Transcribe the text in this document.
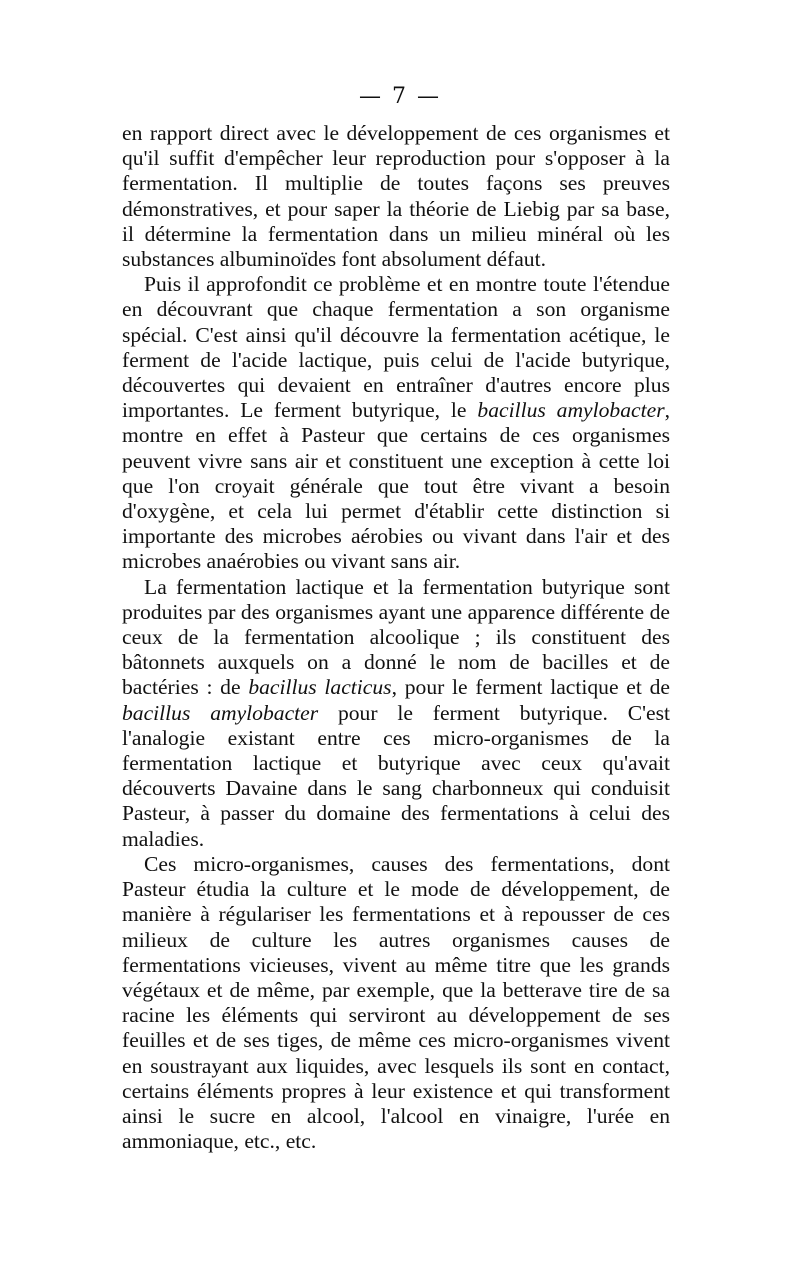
— 7 —

en rapport direct avec le développement de ces organismes et qu'il suffit d'empêcher leur reproduction pour s'opposer à la fermentation. Il multiplie de toutes façons ses preuves démonstratives, et pour saper la théorie de Liebig par sa base, il détermine la fermentation dans un milieu minéral où les substances albuminoïdes font absolument défaut.

Puis il approfondit ce problème et en montre toute l'étendue en découvrant que chaque fermentation a son organisme spécial. C'est ainsi qu'il découvre la fermentation acétique, le ferment de l'acide lactique, puis celui de l'acide butyrique, découvertes qui devaient en entraîner d'autres encore plus importantes. Le ferment butyrique, le bacillus amylobacter, montre en effet à Pasteur que certains de ces organismes peuvent vivre sans air et constituent une exception à cette loi que l'on croyait générale que tout être vivant a besoin d'oxygène, et cela lui permet d'établir cette distinction si importante des microbes aérobies ou vivant dans l'air et des microbes anaérobies ou vivant sans air.

La fermentation lactique et la fermentation butyrique sont produites par des organismes ayant une apparence différente de ceux de la fermentation alcoolique ; ils constituent des bâtonnets auxquels on a donné le nom de bacilles et de bactéries : de bacillus lacticus, pour le ferment lactique et de bacillus amylobacter pour le ferment butyrique. C'est l'analogie existant entre ces micro-organismes de la fermentation lactique et butyrique avec ceux qu'avait découverts Davaine dans le sang charbonneux qui conduisit Pasteur, à passer du domaine des fermentations à celui des maladies.

Ces micro-organismes, causes des fermentations, dont Pasteur étudia la culture et le mode de développement, de manière à régulariser les fermentations et à repousser de ces milieux de culture les autres organismes causes de fermentations vicieuses, vivent au même titre que les grands végétaux et de même, par exemple, que la betterave tire de sa racine les éléments qui serviront au développement de ses feuilles et de ses tiges, de même ces micro-organismes vivent en soustrayant aux liquides, avec lesquels ils sont en contact, certains éléments propres à leur existence et qui transforment ainsi le sucre en alcool, l'alcool en vinaigre, l'urée en ammoniaque, etc., etc.
